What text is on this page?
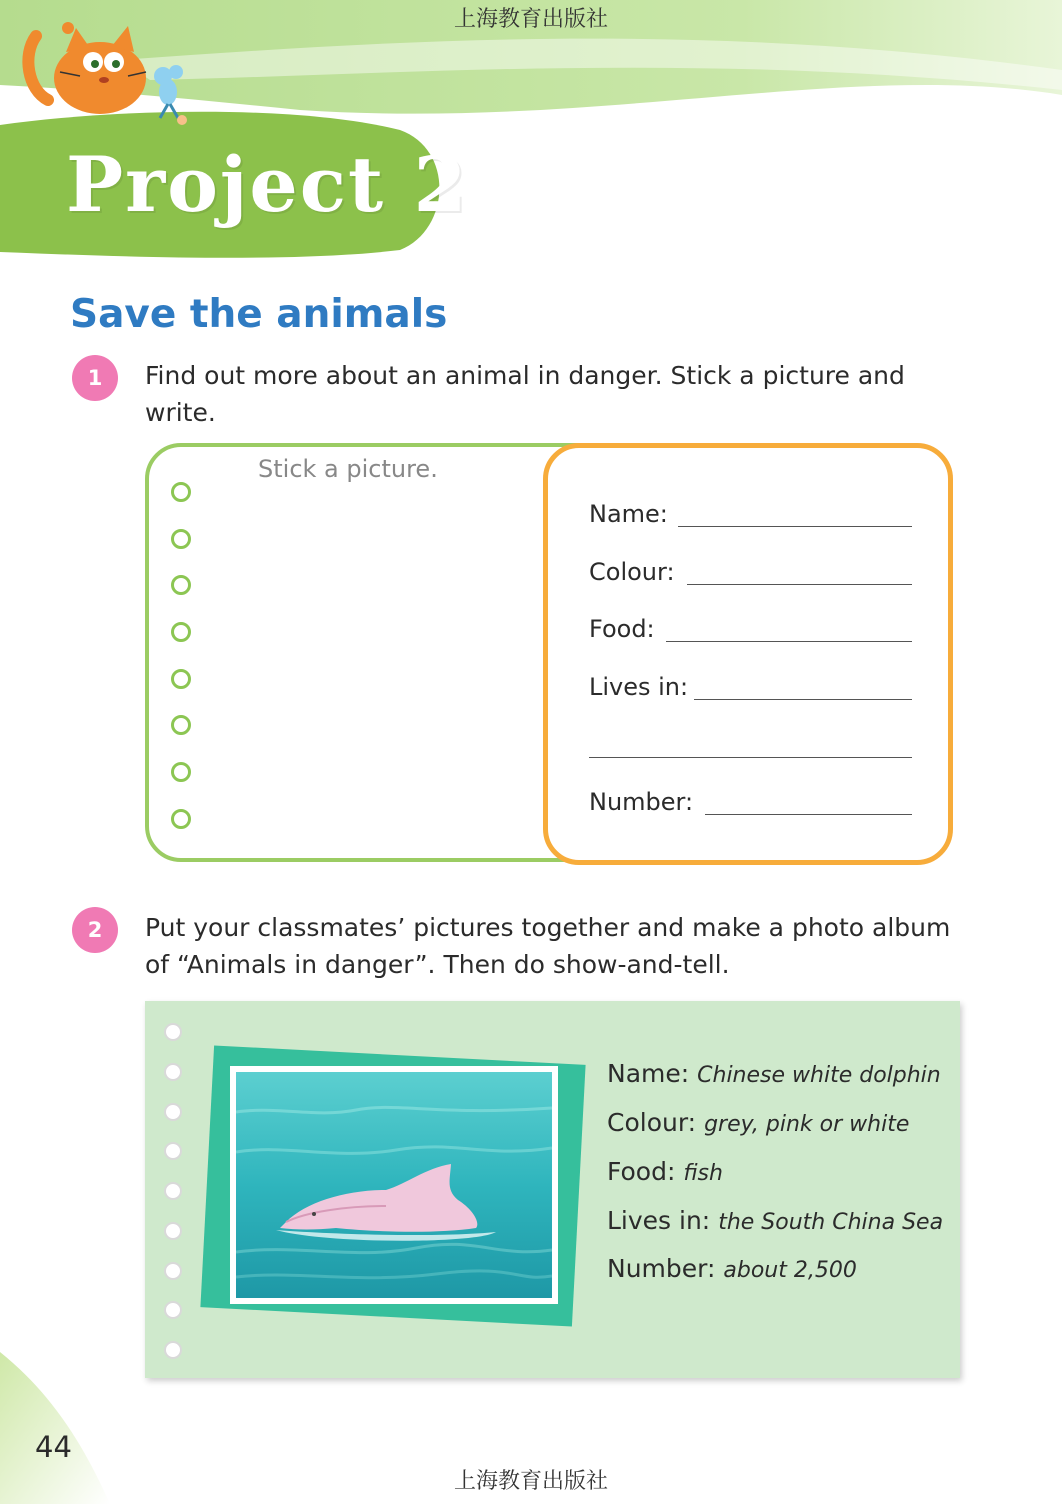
上海教育出版社
Project 2
Save the animals
1	Find out more about an animal in danger. Stick a picture and write.
Stick a picture.
Name:
Colour:
Food:
Lives in:
Number:
2	Put your classmates’ pictures together and make a photo album of “Animals in danger”. Then do show-and-tell.
Name: Chinese white dolphin
Colour: grey, pink or white
Food: fish
Lives in: the South China Sea
Number: about 2,500
44
上海教育出版社
